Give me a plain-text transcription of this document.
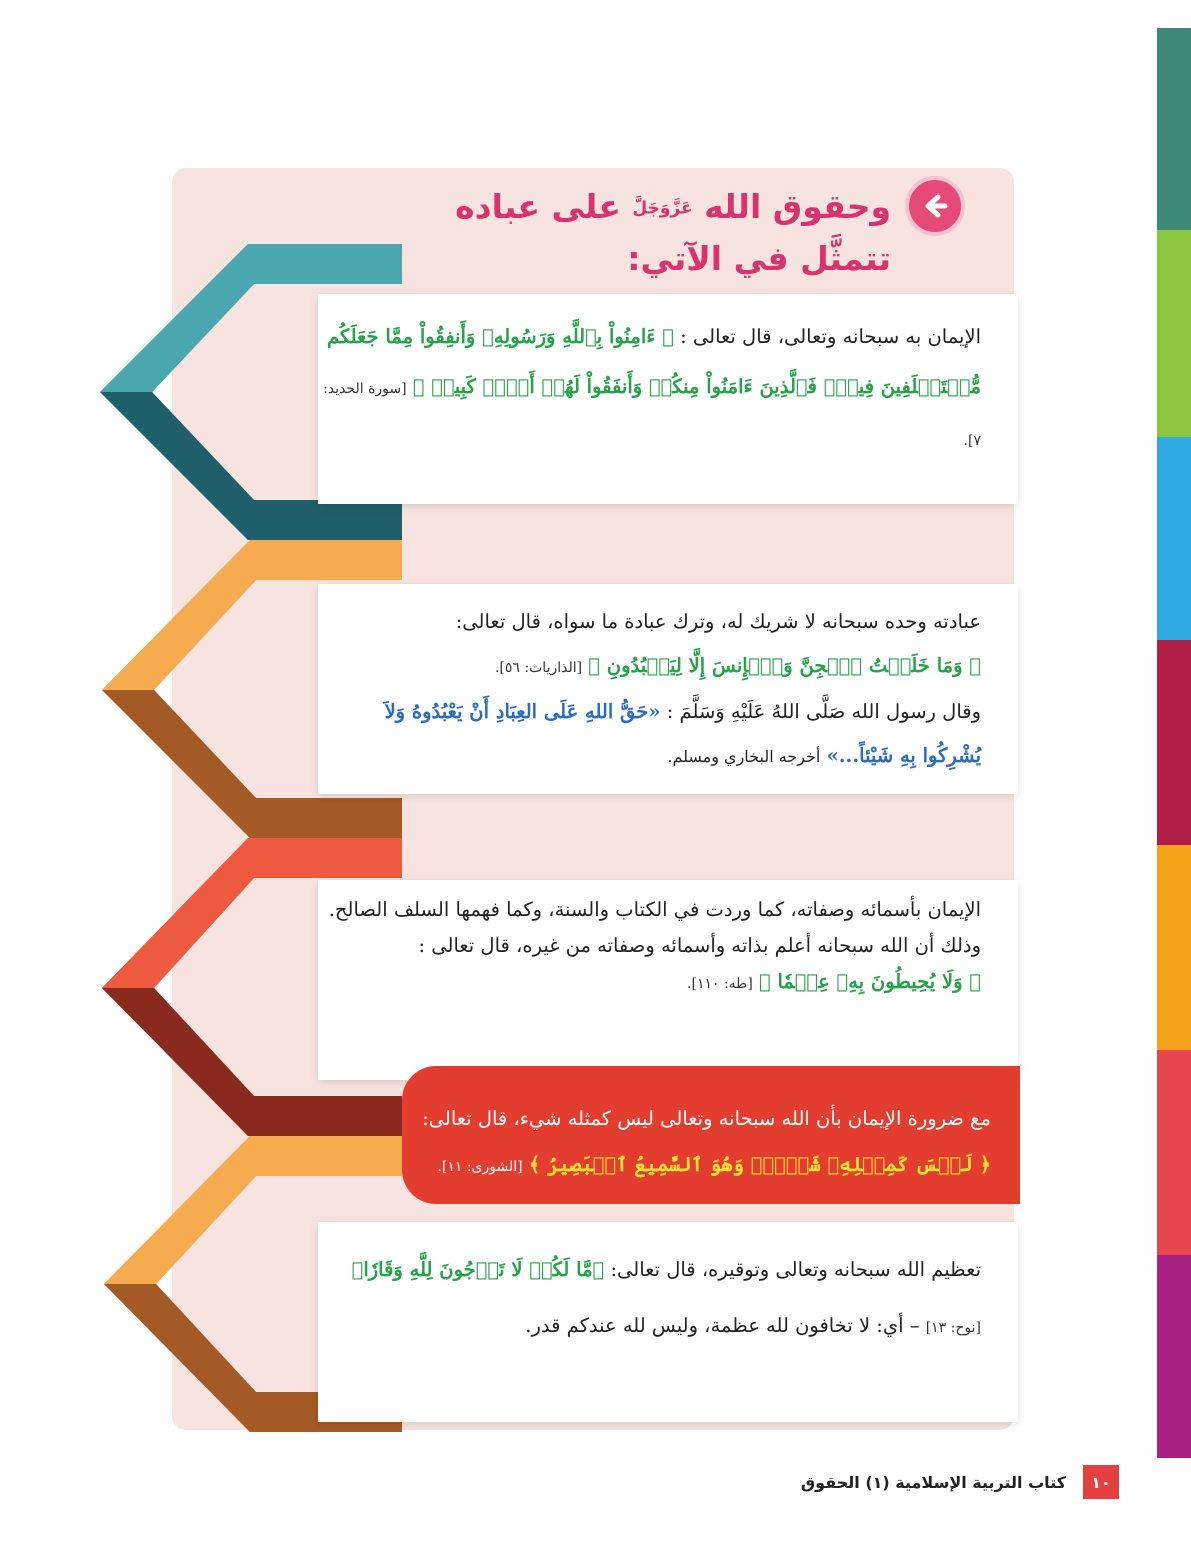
وحقوق الله عَزَّوَجَلَّ على عباده
تتمثَّل في الآتي:

الإيمان به سبحانه وتعالى، قال تعالى : ﴿ ءَامِنُواْ بِٱللَّهِ وَرَسُولِهِۦ وَأَنفِقُواْ مِمَّا جَعَلَكُم مُّسۡتَخۡلَفِينَ فِيهِۖ فَٱلَّذِينَ ءَامَنُواْ مِنكُمۡ وَأَنفَقُواْ لَهُمۡ أَجۡرٞ كَبِيرٞ ﴾ [سورة الحديد: ٧].

عبادته وحده سبحانه لا شريك له، وترك عبادة ما سواه، قال تعالى:

﴿ وَمَا خَلَقۡتُ ٱلۡجِنَّ وَٱلۡإِنسَ إِلَّا لِيَعۡبُدُونِ ﴾ [الذاريات: ٥٦].

وقال رسول الله صَلَّى اللهُ عَلَيْهِ وَسَلَّمَ : «حَقُّ اللهِ عَلَى العِبَادِ أَنْ يَعْبُدُوهُ وَلاَ يُشْرِكُوا بِهِ شَيْئاً...» أخرجه البخاري ومسلم.

الإيمان بأسمائه وصفاته، كما وردت في الكتاب والسنة، وكما فهمها السلف الصالح.

وذلك أن الله سبحانه أعلم بذاته وأسمائه وصفاته من غيره، قال تعالى :

﴿ وَلَا يُحِيطُونَ بِهِۦ عِلۡمٗا ﴾ [طه: ١١٠].

مع ضرورة الإيمان بأن الله سبحانه وتعالى ليس كمثله شيء، قال تعالى: ﴿ لَيۡسَ كَمِثۡلِهِۦ شَيۡءٞۖ وَهُوَ ٱلسَّمِيعُ ٱلۡبَصِيرُ ﴾ [الشورى: ١١].

تعظيم الله سبحانه وتعالى وتوقيره، قال تعالى: ﴿مَّا لَكُمۡ لَا تَرۡجُونَ لِلَّهِ وَقَارٗا﴾ [نوح: ١٣] – أي: لا تخافون لله عظمة، وليس لله عندكم قدر.

كتاب التربية الإسلامية (١) الحقوق	١٠
